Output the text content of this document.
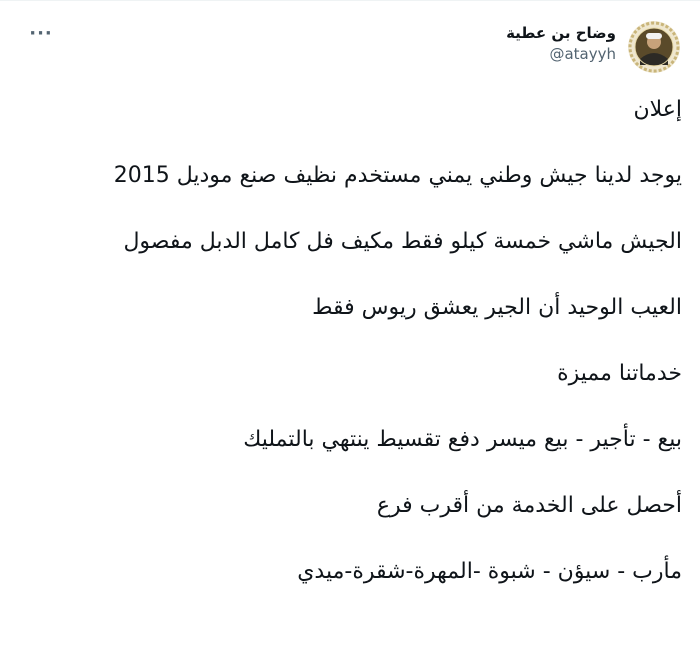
···	وضاح بن عطية
@atayyh

إعلان

يوجد لدينا جيش وطني يمني مستخدم نظيف صنع موديل 2015

الجيش ماشي خمسة كيلو فقط مكيف فل كامل الدبل مفصول

العيب الوحيد أن الجير يعشق ريوس فقط

خدماتنا مميزة

بيع - تأجير - بيع ميسر دفع تقسيط ينتهي بالتمليك

أحصل على الخدمة من أقرب فرع

مأرب - سيؤن - شبوة -المهرة-شقرة-ميدي
